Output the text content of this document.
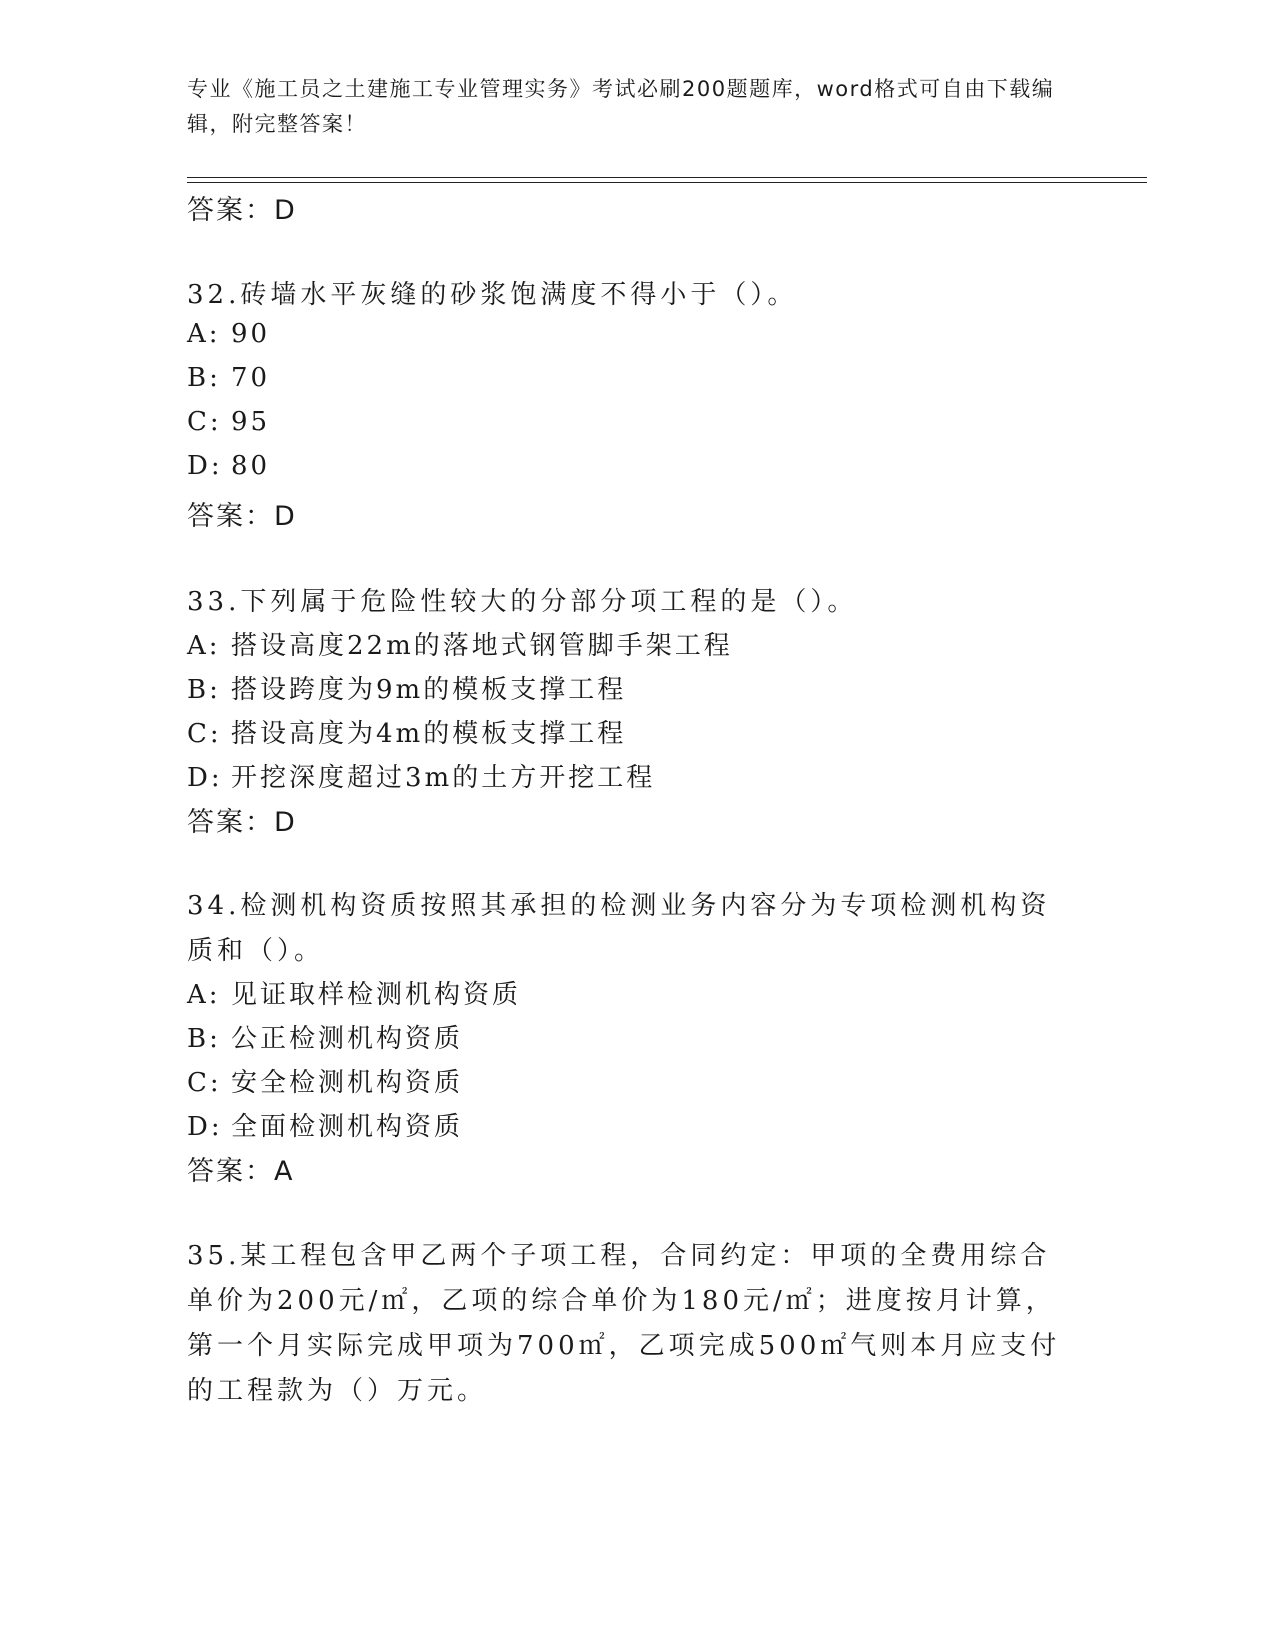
专业《施工员之土建施工专业管理实务》考试必刷200题题库，word格式可自由下载编辑，附完整答案！
答案：D
32.砖墙水平灰缝的砂浆饱满度不得小于（）。
A: 90
B: 70
C: 95
D: 80
答案：D
33.下列属于危险性较大的分部分项工程的是（）。
A: 搭设高度22m的落地式钢管脚手架工程
B: 搭设跨度为9m的模板支撑工程
C: 搭设高度为4m的模板支撑工程
D: 开挖深度超过3m的土方开挖工程
答案：D
34.检测机构资质按照其承担的检测业务内容分为专项检测机构资质和（）。
A: 见证取样检测机构资质
B: 公正检测机构资质
C: 安全检测机构资质
D: 全面检测机构资质
答案：A
35.某工程包含甲乙两个子项工程，合同约定：甲项的全费用综合单价为200元/㎡，乙项的综合单价为180元/㎡；进度按月计算，第一个月实际完成甲项为700㎡，乙项完成500㎡气则本月应支付的工程款为（）万元。
